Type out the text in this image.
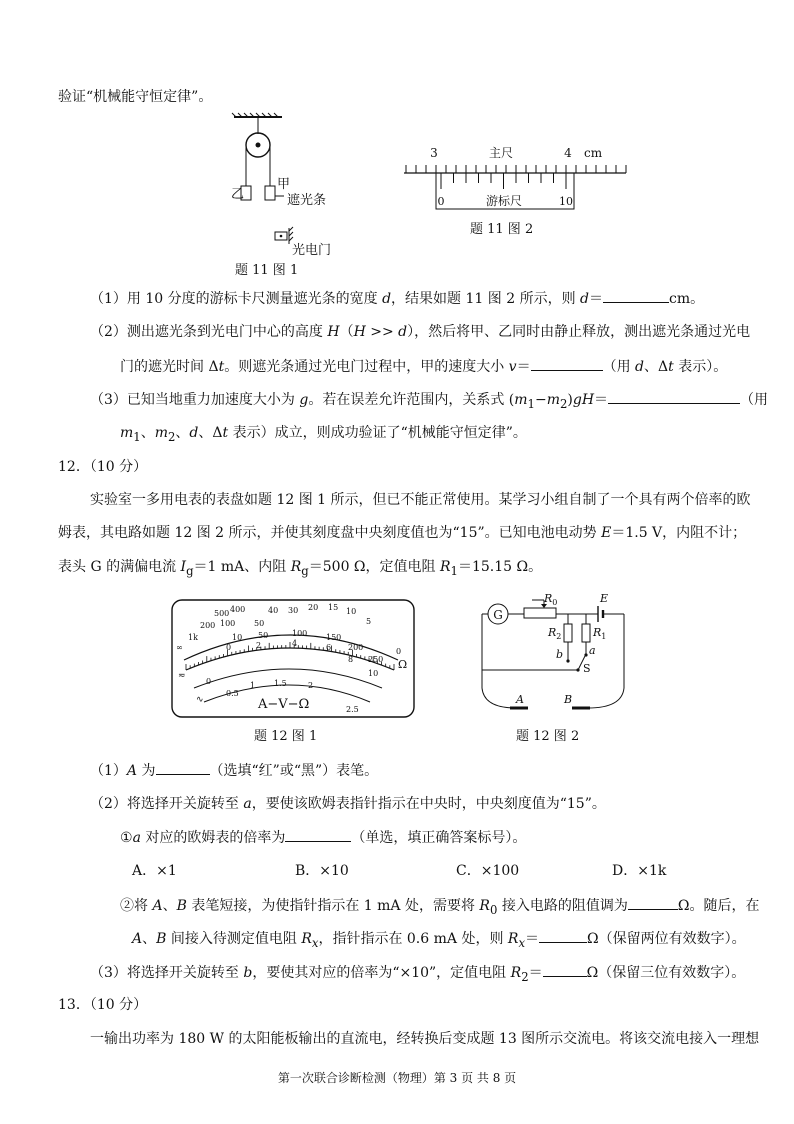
验证“机械能守恒定律”。
乙
甲
遮光条
光电门
题 11 图 1
3	4 cm
主尺
0	10
游标尺
题 11 图 2
（1）用 10 分度的游标卡尺测量遮光条的宽度 d，结果如题 11 图 2 所示，则 d＝	cm。
（2）测出遮光条到光电门中心的高度 H（H >> d），然后将甲、乙同时由静止释放，测出遮光条通过光电
门的遮光时间 Δt。则遮光条通过光电门过程中，甲的速度大小 v＝	（用 d、Δt 表示）。
（3）已知当地重力加速度大小为 g。若在误差允许范围内，关系式 $(m_1-m_2)gH=$	（用
$m_1$、$m_2$、d、Δt 表示）成立，则成功验证了“机械能守恒定律”。
12．（10 分）
实验室一多用电表的表盘如题 12 图 1 所示，但已不能正常使用。某学习小组自制了一个具有两个倍率的欧
姆表，其电路如题 12 图 2 所示，并使其刻度盘中央刻度值也为“15”。已知电池电动势 E＝1.5 V，内阻不计；
表头 G 的满偏电流 $I_g=1$ mA、内阻 $R_g=500$ Ω，定值电阻 $R_1=15.15$ Ω。
500 400
200
1k
∞
100 50
40 30 20 15 10
5
0
10 50	100 150
200
250
0	2	4	6
8
10
0
0.5
1 1.5	2
2.5
Ω
A−V−Ω
≂
∿
题 12 图 1
G
$R_0$	E
$R_2$	$R_1$
b a
S
A	B
题 12 图 2
（1）A 为	（选填“红”或“黑”）表笔。
（2）将选择开关旋转至 a，要使该欧姆表指针指示在中央时，中央刻度值为“15”。
①a 对应的欧姆表的倍率为	（单选，填正确答案标号）。
A．×1	B．×10	C．×100	D．×1k
②将 A、B 表笔短接，为使指针指示在 1 mA 处，需要将 $R_0$ 接入电路的阻值调为	Ω。随后，在
A、B 间接入待测定值电阻 $R_x$，指针指示在 0.6 mA 处，则 $R_x=$	Ω（保留两位有效数字）。
（3）将选择开关旋转至 b，要使其对应的倍率为“×10”，定值电阻 $R_2=$	Ω（保留三位有效数字）。
13．（10 分）
一输出功率为 180 W 的太阳能板输出的直流电，经转换后变成题 13 图所示交流电。将该交流电接入一理想
第一次联合诊断检测（物理）第 3 页 共 8 页
